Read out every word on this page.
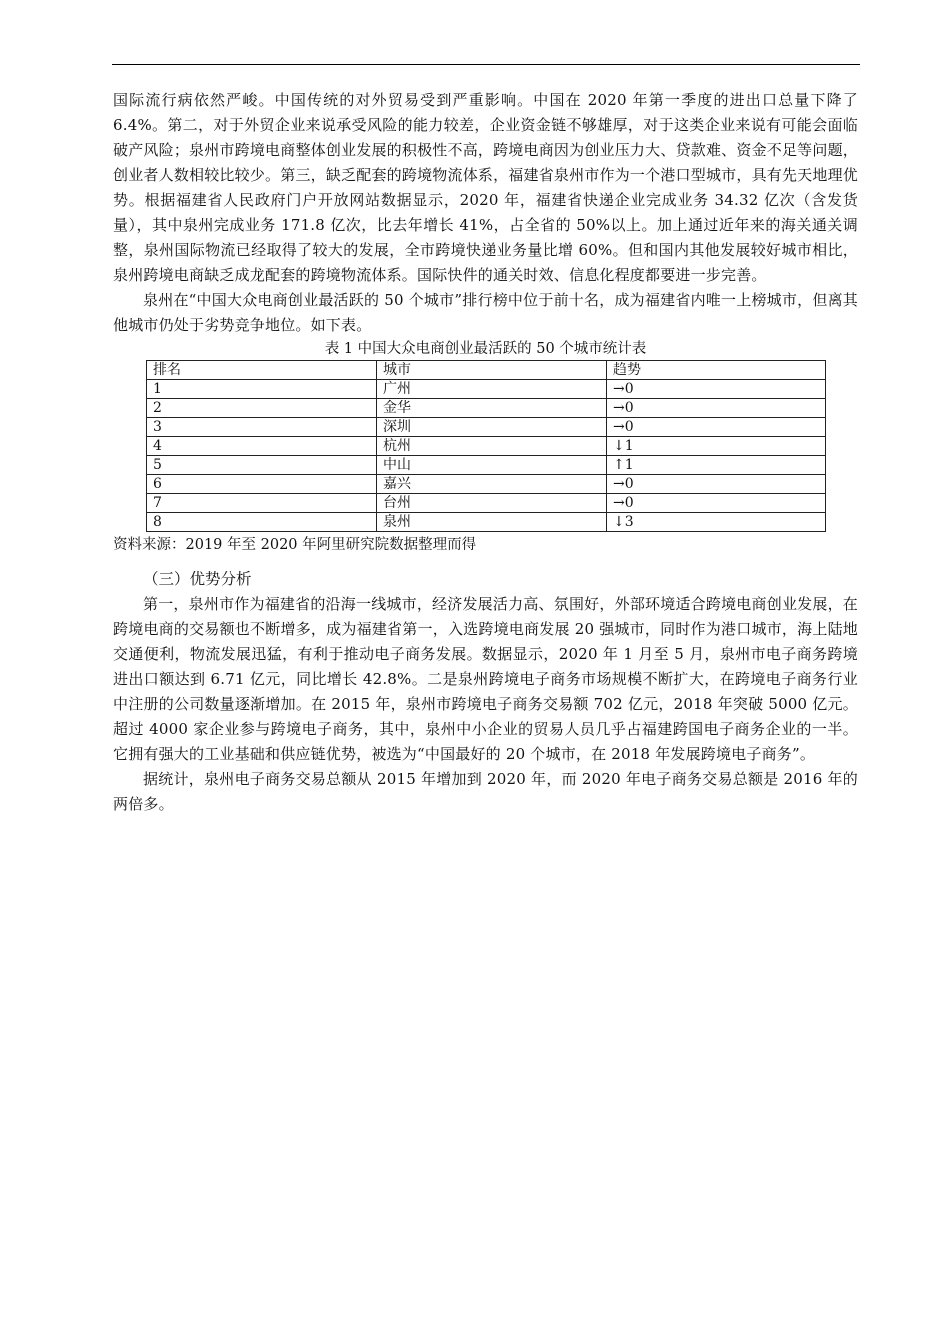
国际流行病依然严峻。中国传统的对外贸易受到严重影响。中国在 2020 年第一季度的进出口总量下降了 6.4%。第二，对于外贸企业来说承受风险的能力较差，企业资金链不够雄厚，对于这类企业来说有可能会面临破产风险；泉州市跨境电商整体创业发展的积极性不高，跨境电商因为创业压力大、贷款难、资金不足等问题，创业者人数相较比较少。第三，缺乏配套的跨境物流体系，福建省泉州市作为一个港口型城市，具有先天地理优势。根据福建省人民政府门户开放网站数据显示，2020 年，福建省快递企业完成业务 34.32 亿次（含发货量），其中泉州完成业务 171.8 亿次，比去年增长 41%，占全省的 50%以上。加上通过近年来的海关通关调整，泉州国际物流已经取得了较大的发展，全市跨境快递业务量比增 60%。但和国内其他发展较好城市相比，泉州跨境电商缺乏成龙配套的跨境物流体系。国际快件的通关时效、信息化程度都要进一步完善。

泉州在“中国大众电商创业最活跃的 50 个城市”排行榜中位于前十名，成为福建省内唯一上榜城市，但离其他城市仍处于劣势竞争地位。如下表。

表 1 中国大众电商创业最活跃的 50 个城市统计表
排名	城市	趋势
1	广州	→0
2	金华	→0
3	深圳	→0
4	杭州	↓1
5	中山	↑1
6	嘉兴	→0
7	台州	→0
8	泉州	↓3
资料来源：2019 年至 2020 年阿里研究院数据整理而得
（三）优势分析

第一，泉州市作为福建省的沿海一线城市，经济发展活力高、氛围好，外部环境适合跨境电商创业发展，在跨境电商的交易额也不断增多，成为福建省第一，入选跨境电商发展 20 强城市，同时作为港口城市，海上陆地交通便利，物流发展迅猛，有利于推动电子商务发展。数据显示，2020 年 1 月至 5 月，泉州市电子商务跨境进出口额达到 6.71 亿元，同比增长 42.8%。二是泉州跨境电子商务市场规模不断扩大，在跨境电子商务行业中注册的公司数量逐渐增加。在 2015 年，泉州市跨境电子商务交易额 702 亿元，2018 年突破 5000 亿元。超过 4000 家企业参与跨境电子商务，其中，泉州中小企业的贸易人员几乎占福建跨国电子商务企业的一半。它拥有强大的工业基础和供应链优势，被选为“中国最好的 20 个城市，在 2018 年发展跨境电子商务”。

据统计，泉州电子商务交易总额从 2015 年增加到 2020 年，而 2020 年电子商务交易总额是 2016 年的两倍多。
